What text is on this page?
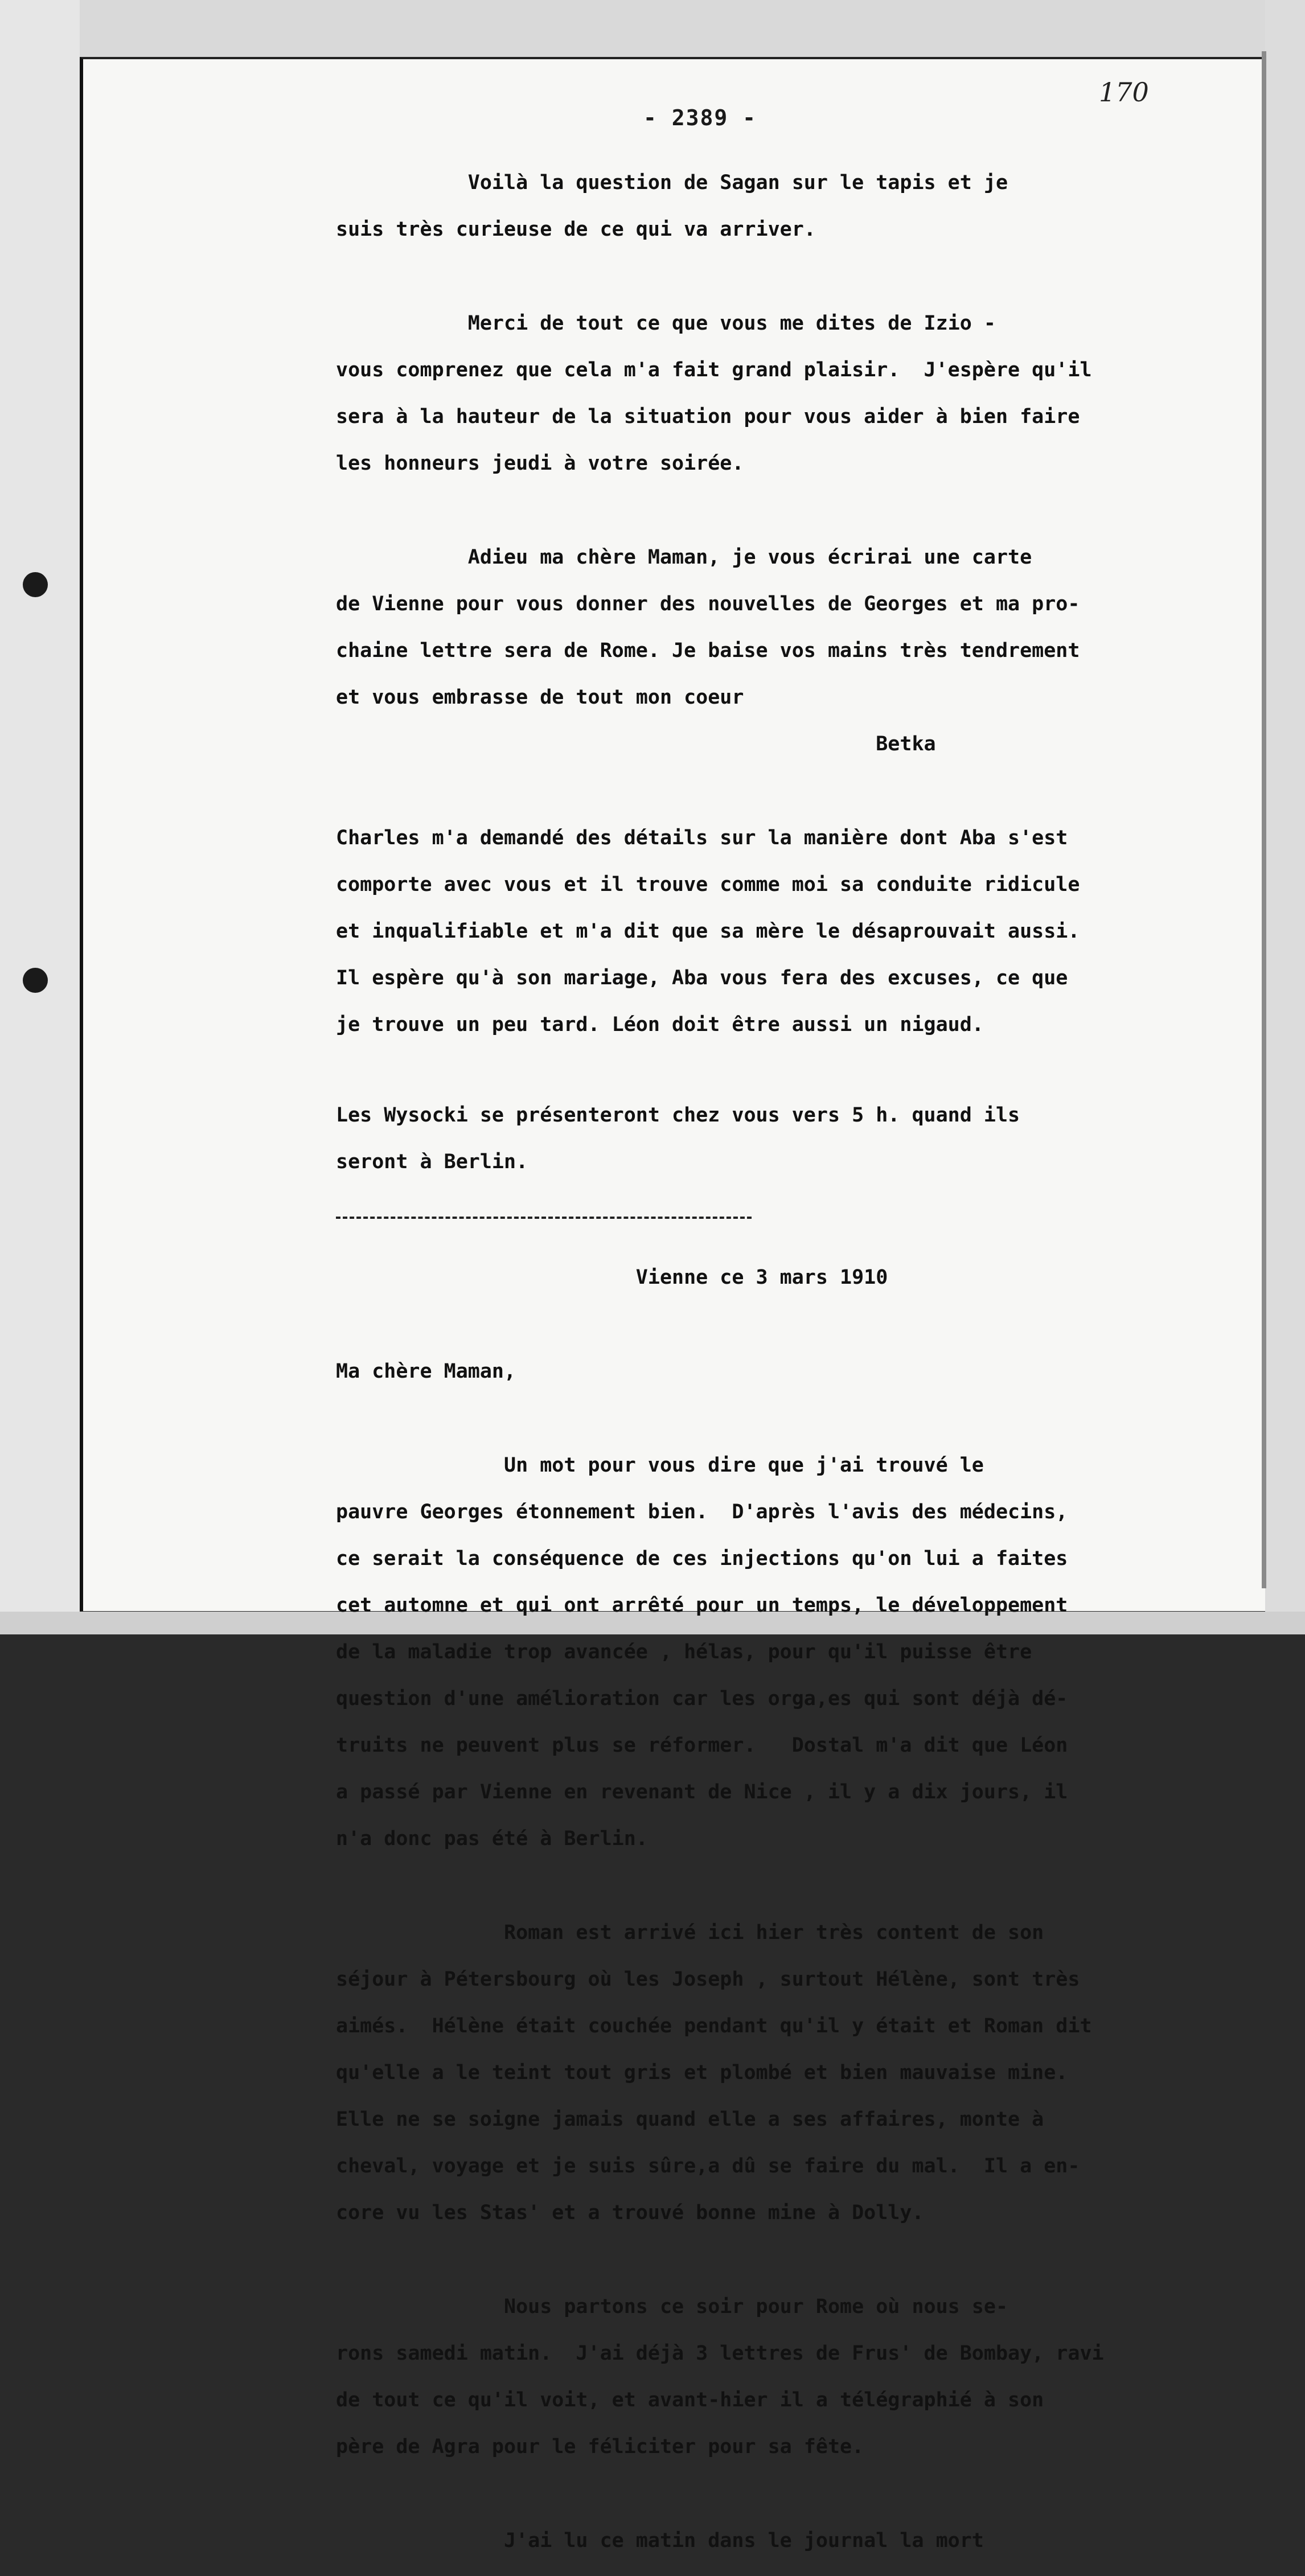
- 2389 -
170

Voilà la question de Sagan sur le tapis et je

suis très curieuse de ce qui va arriver.

Merci de tout ce que vous me dites de Izio -

vous comprenez que cela m'a fait grand plaisir.  J'espère qu'il

sera à la hauteur de la situation pour vous aider à bien faire

les honneurs jeudi à votre soirée.

Adieu ma chère Maman, je vous écrirai une carte

de Vienne pour vous donner des nouvelles de Georges et ma pro-

chaine lettre sera de Rome. Je baise vos mains très tendrement

et vous embrasse de tout mon coeur

Betka

Charles m'a demandé des détails sur la manière dont Aba s'est

comporte avec vous et il trouve comme moi sa conduite ridicule

et inqualifiable et m'a dit que sa mère le désaprouvait aussi.

Il espère qu'à son mariage, Aba vous fera des excuses, ce que

je trouve un peu tard. Léon doit être aussi un nigaud.

Les Wysocki se présenteront chez vous vers 5 h. quand ils

seront à Berlin.

Vienne ce 3 mars 1910

Ma chère Maman,

Un mot pour vous dire que j'ai trouvé le

pauvre Georges étonnement bien.  D'après l'avis des médecins,

ce serait la conséquence de ces injections qu'on lui a faites

cet automne et qui ont arrêté pour un temps, le développement

de la maladie trop avancée , hélas, pour qu'il puisse être

question d'une amélioration car les orga,es qui sont déjà dé-

truits ne peuvent plus se réformer.   Dostal m'a dit que Léon

a passé par Vienne en revenant de Nice , il y a dix jours, il

n'a donc pas été à Berlin.

Roman est arrivé ici hier très content de son

séjour à Pétersbourg où les Joseph , surtout Hélène, sont très

aimés.  Hélène était couchée pendant qu'il y était et Roman dit

qu'elle a le teint tout gris et plombé et bien mauvaise mine.

Elle ne se soigne jamais quand elle a ses affaires, monte à

cheval, voyage et je suis sûre,a dû se faire du mal.  Il a en-

core vu les Stas' et a trouvé bonne mine à Dolly.

Nous partons ce soir pour Rome où nous se-

rons samedi matin.  J'ai déjà 3 lettres de Frus' de Bombay, ravi

de tout ce qu'il voit, et avant-hier il a télégraphié à son

père de Agra pour le féliciter pour sa fête.

J'ai lu ce matin dans le journal la mort
